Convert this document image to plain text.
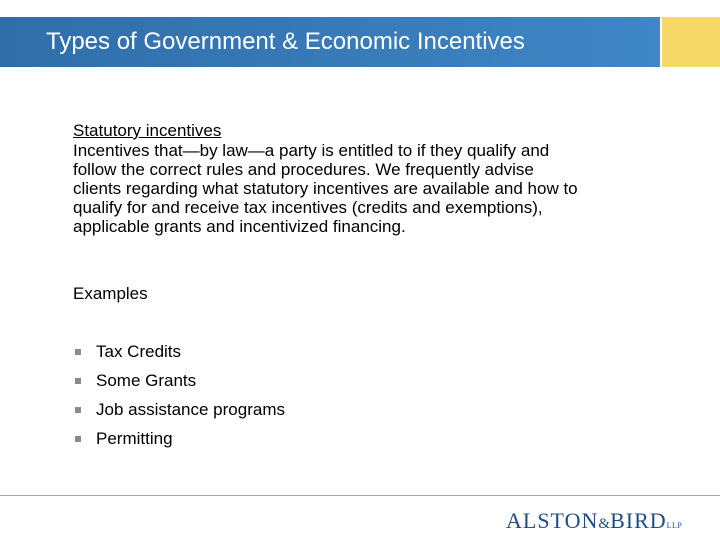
Types of Government & Economic Incentives
Statutory incentives

Incentives that—by law—a party is entitled to if they qualify and

follow the correct rules and procedures. We frequently advise

clients regarding what statutory incentives are available and how to

qualify for and receive tax incentives (credits and exemptions),

applicable grants and incentivized financing.

Examples
Tax Credits
Some Grants
Job assistance programs
Permitting
ALSTON&BIRDLLP
